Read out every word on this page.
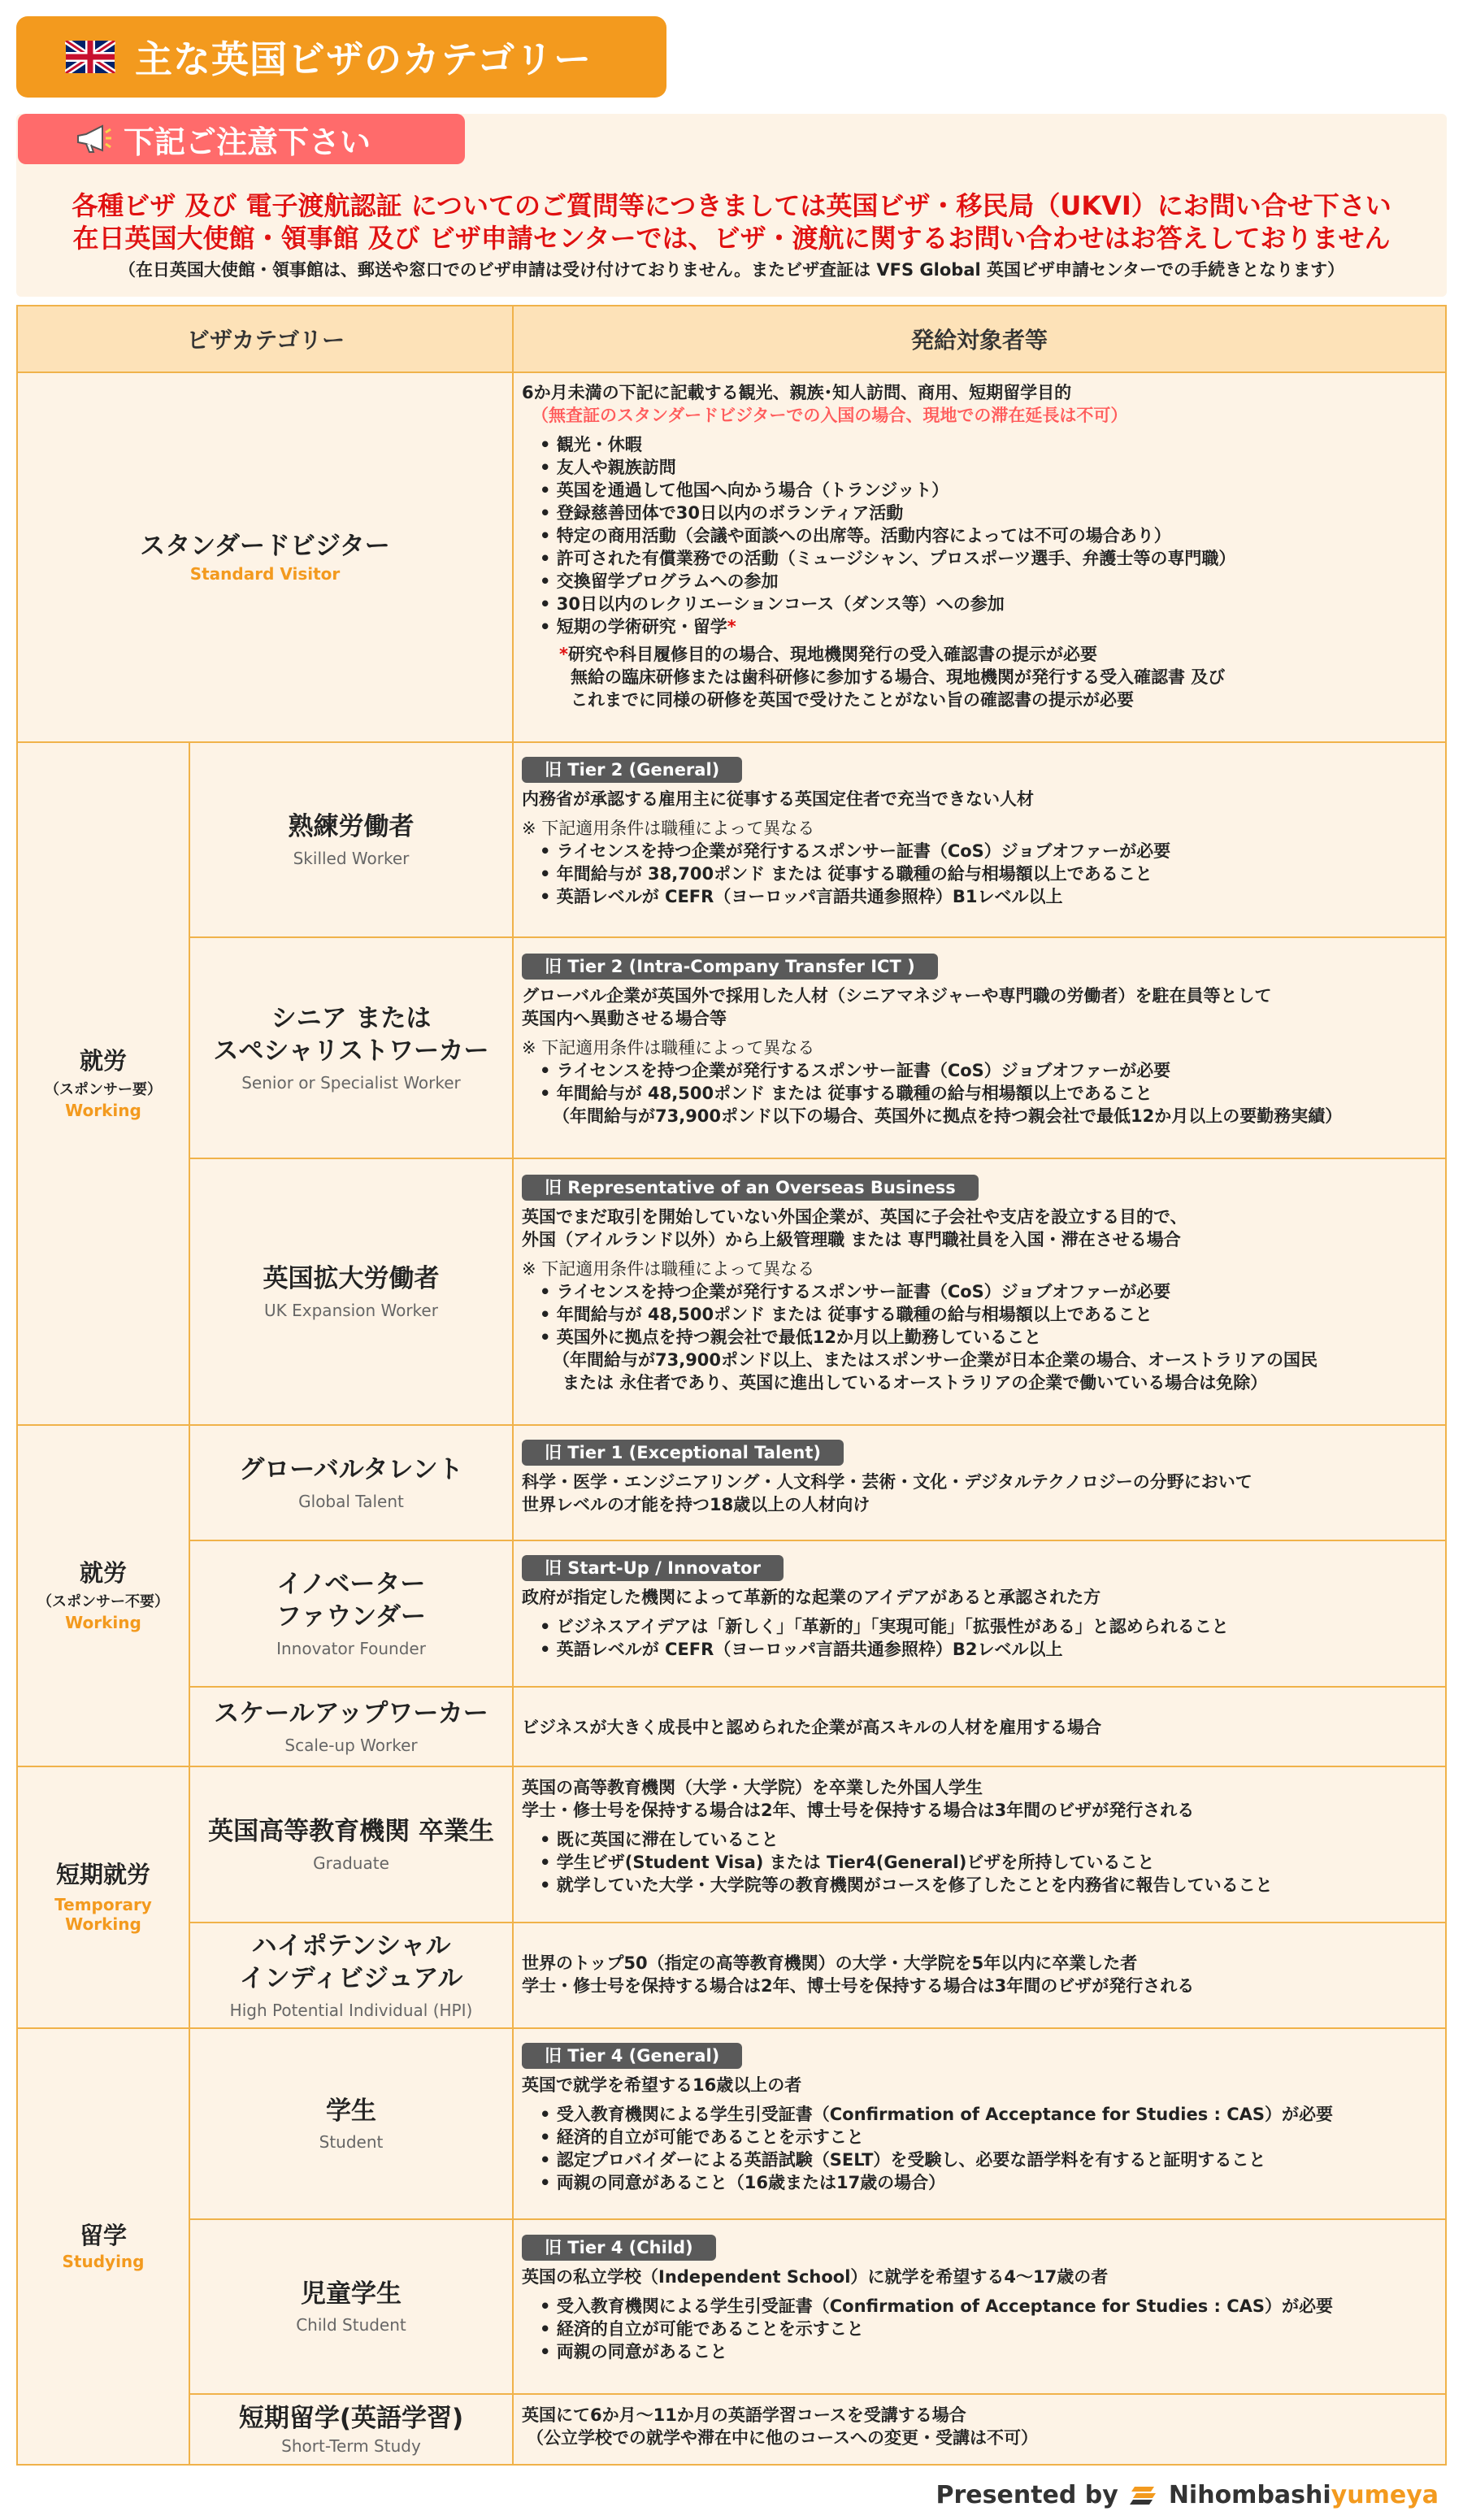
主な英国ビザのカテゴリー
下記ご注意下さい
各種ビザ 及び 電子渡航認証 についてのご質問等につきましては英国ビザ・移民局（UKVI）にお問い合せ下さい
在日英国大使館・領事館 及び ビザ申請センターでは、ビザ・渡航に関するお問い合わせはお答えしておりません
（在日英国大使館・領事館は、郵送や窓口でのビザ申請は受け付けておりません。またビザ査証は VFS Global 英国ビザ申請センターでの手続きとなります）
ビザカテゴリー	発給対象者等
スタンダードビジター
Standard Visitor
6か月未満の下記に記載する観光、親族･知人訪問、商用、短期留学目的
（無査証のスタンダードビジターでの入国の場合、現地での滞在延長は不可）
• 観光・休暇
• 友人や親族訪問
• 英国を通過して他国へ向かう場合（トランジット）
• 登録慈善団体で30日以内のボランティア活動
• 特定の商用活動（会議や面談への出席等。活動内容によっては不可の場合あり）
• 許可された有償業務での活動（ミュージシャン、プロスポーツ選手、弁護士等の専門職）
• 交換留学プログラムへの参加
• 30日以内のレクリエーションコース（ダンス等）への参加
• 短期の学術研究・留学*
*研究や科目履修目的の場合、現地機関発行の受入確認書の提示が必要
無給の臨床研修または歯科研修に参加する場合、現地機関が発行する受入確認書 及び
これまでに同様の研修を英国で受けたことがない旨の確認書の提示が必要
就労
（スポンサー要）
Working
熟練労働者
Skilled Worker
旧 Tier 2 (General)
内務省が承認する雇用主に従事する英国定住者で充当できない人材
※ 下記適用条件は職種によって異なる
• ライセンスを持つ企業が発行するスポンサー証書（CoS）ジョブオファーが必要
• 年間給与が 38,700ポンド または 従事する職種の給与相場額以上であること
• 英語レベルが CEFR（ヨーロッパ言語共通参照枠）B1レベル以上
シニア または
スペシャリストワーカー
Senior or Specialist Worker
旧 Tier 2 (Intra-Company Transfer ICT )
グローバル企業が英国外で採用した人材（シニアマネジャーや専門職の労働者）を駐在員等として
英国内へ異動させる場合等
※ 下記適用条件は職種によって異なる
• ライセンスを持つ企業が発行するスポンサー証書（CoS）ジョブオファーが必要
• 年間給与が 48,500ポンド または 従事する職種の給与相場額以上であること
（年間給与が73,900ポンド以下の場合、英国外に拠点を持つ親会社で最低12か月以上の要勤務実績）
英国拡大労働者
UK Expansion Worker
旧 Representative of an Overseas Business
英国でまだ取引を開始していない外国企業が、英国に子会社や支店を設立する目的で、
外国（アイルランド以外）から上級管理職 または 専門職社員を入国・滞在させる場合
※ 下記適用条件は職種によって異なる
• ライセンスを持つ企業が発行するスポンサー証書（CoS）ジョブオファーが必要
• 年間給与が 48,500ポンド または 従事する職種の給与相場額以上であること
• 英国外に拠点を持つ親会社で最低12か月以上勤務していること
（年間給与が73,900ポンド以上、またはスポンサー企業が日本企業の場合、オーストラリアの国民
または 永住者であり、英国に進出しているオーストラリアの企業で働いている場合は免除）
就労
（スポンサー不要）
Working
グローバルタレント
Global Talent
旧 Tier 1 (Exceptional Talent)
科学・医学・エンジニアリング・人文科学・芸術・文化・デジタルテクノロジーの分野において
世界レベルの才能を持つ18歳以上の人材向け
イノベーター
ファウンダー
Innovator Founder
旧 Start-Up / Innovator
政府が指定した機関によって革新的な起業のアイデアがあると承認された方
• ビジネスアイデアは「新しく」「革新的」「実現可能」「拡張性がある」と認められること
• 英語レベルが CEFR（ヨーロッパ言語共通参照枠）B2レベル以上
スケールアップワーカー
Scale-up Worker
ビジネスが大きく成長中と認められた企業が高スキルの人材を雇用する場合
短期就労
Temporary
Working
英国高等教育機関 卒業生
Graduate
英国の高等教育機関（大学・大学院）を卒業した外国人学生
学士・修士号を保持する場合は2年、博士号を保持する場合は3年間のビザが発行される
• 既に英国に滞在していること
• 学生ビザ(Student Visa) または Tier4(General)ビザを所持していること
• 就学していた大学・大学院等の教育機関がコースを修了したことを内務省に報告していること
ハイポテンシャル
インディビジュアル
High Potential Individual (HPI)
世界のトップ50（指定の高等教育機関）の大学・大学院を5年以内に卒業した者
学士・修士号を保持する場合は2年、博士号を保持する場合は3年間のビザが発行される
留学
Studying
学生
Student
旧 Tier 4 (General)
英国で就学を希望する16歳以上の者
• 受入教育機関による学生引受証書（Confirmation of Acceptance for Studies : CAS）が必要
• 経済的自立が可能であることを示すこと
• 認定プロバイダーによる英語試験（SELT）を受験し、必要な語学料を有すると証明すること
• 両親の同意があること（16歳または17歳の場合）
児童学生
Child Student
旧 Tier 4 (Child)
英国の私立学校（Independent School）に就学を希望する4～17歳の者
• 受入教育機関による学生引受証書（Confirmation of Acceptance for Studies : CAS）が必要
• 経済的自立が可能であることを示すこと
• 両親の同意があること
短期留学(英語学習)
Short-Term Study
英国にて6か月～11か月の英語学習コースを受講する場合
（公立学校での就学や滞在中に他のコースへの変更・受講は不可）
Presented by Nihombashiyumeya
